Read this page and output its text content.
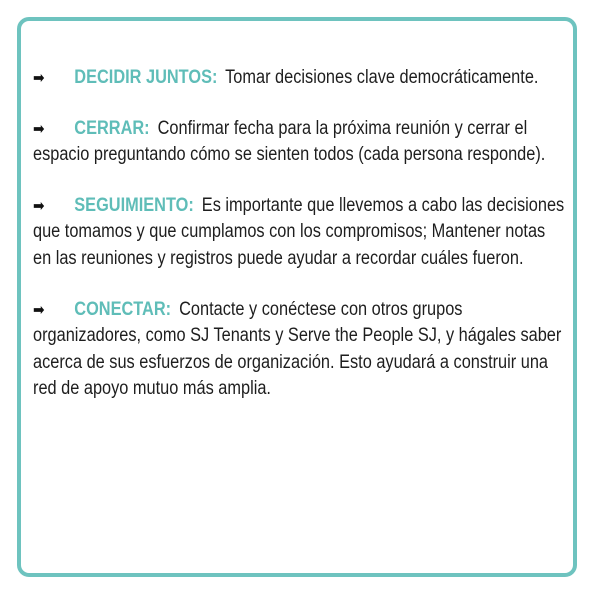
➡ DECIDIR JUNTOS: Tomar decisiones clave democráticamente.

➡ CERRAR: Confirmar fecha para la próxima reunión y cerrar el espacio preguntando cómo se sienten todos (cada persona responde).

➡ SEGUIMIENTO: Es importante que llevemos a cabo las decisiones que tomamos y que cumplamos con los compromisos; Mantener notas en las reuniones y registros puede ayudar a recordar cuáles fueron.

➡ CONECTAR: Contacte y conéctese con otros grupos organizadores, como SJ Tenants y Serve the People SJ, y hágales saber acerca de sus esfuerzos de organización. Esto ayudará a construir una red de apoyo mutuo más amplia.
